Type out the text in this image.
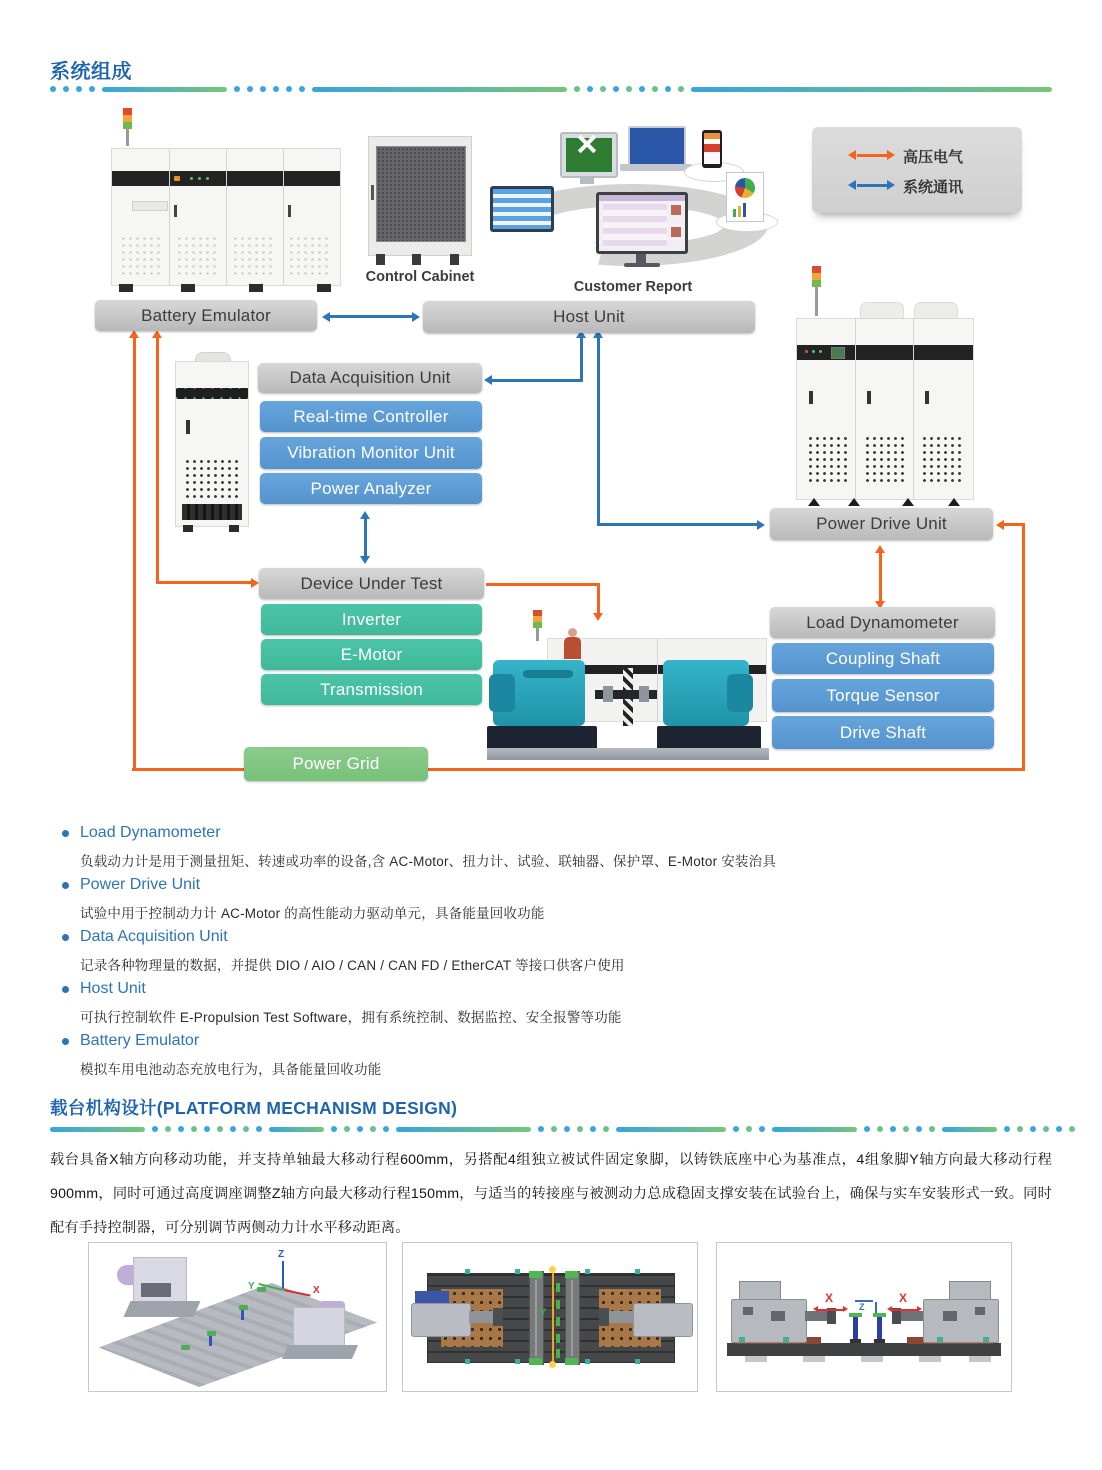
系统组成
高压电气
系统通讯
Control Cabinet
Customer Report
Battery Emulator	Host Unit
Data Acquisition Unit
Real-time Controller
Vibration Monitor Unit
Power Analyzer
Device Under Test
Inverter
E-Motor
Transmission
Power Grid
Power Drive Unit
Load Dynamometer
Coupling Shaft
Torque Sensor
Drive Shaft
Load Dynamometer
负载动力计是用于测量扭矩、转速或功率的设备,含 AC-Motor、扭力计、试验、联轴器、保护罩、E-Motor 安装治具
Power Drive Unit
试验中用于控制动力计 AC-Motor 的高性能动力驱动单元，具备能量回收功能
Data Acquisition Unit
记录各种物理量的数据，并提供 DIO / AIO / CAN / CAN FD / EtherCAT 等接口供客户使用
Host Unit
可执行控制软件 E-Propulsion Test Software，拥有系统控制、数据监控、安全报警等功能
Battery Emulator
模拟车用电池动态充放电行为，具备能量回收功能
载台机构设计(PLATFORM MECHANISM DESIGN)
载台具备X轴方向移动功能，并支持单轴最大移动行程600mm，另搭配4组独立被试件固定象脚，以铸铁底座中心为基准点，4组象脚Y轴方向最大移动行程900mm，同时可通过高度调座调整Z轴方向最大移动行程150mm，与适当的转接座与被测动力总成稳固支撑安装在试验台上，确保与实车安装形式一致。同时配有手持控制器，可分别调节两侧动力计水平移动距离。
Z
Y	X
Y
X	X
Z
